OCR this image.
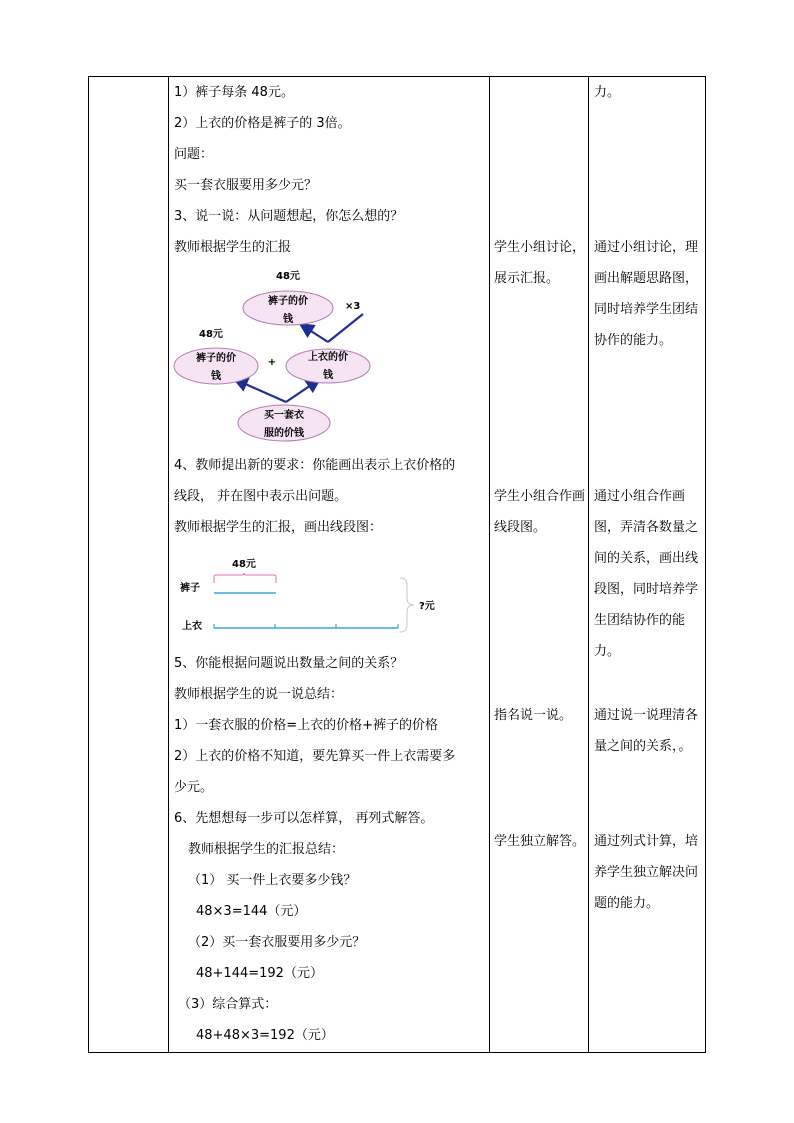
1）裤子每条 48元。
2）上衣的价格是裤子的 3倍。
问题：
买一套衣服要用多少元？
3、说一说：从问题想起，你怎么想的？
教师根据学生的汇报
48元
裤子的价
钱
×3
48元
裤子的价
钱
+	上衣的价
钱
买一套衣
服的价钱
4、教师提出新的要求：你能画出表示上衣价格的
线段， 并在图中表示出问题。
教师根据学生的汇报，画出线段图：
48元
裤子
上衣
?元
5、你能根据问题说出数量之间的关系？
教师根据学生的说一说总结：
1）一套衣服的价格=上衣的价格+裤子的价格
2）上衣的价格不知道，要先算买一件上衣需要多
少元。
6、先想想每一步可以怎样算， 再列式解答。
教师根据学生的汇报总结：
（1） 买一件上衣要多少钱？
48×3=144（元）
（2）买一套衣服要用多少元？
48+144=192（元）
（3）综合算式：
48+48×3=192（元）
学生小组讨论，展示汇报。
学生小组合作画线段图。
指名说一说。
学生独立解答。
力。
通过小组讨论，理画出解题思路图，同时培养学生团结协作的能力。
通过小组合作画图，弄清各数量之间的关系，画出线段图，同时培养学生团结协作的能力。
通过说一说理清各量之间的关系，。
通过列式计算，培养学生独立解决问题的能力。
